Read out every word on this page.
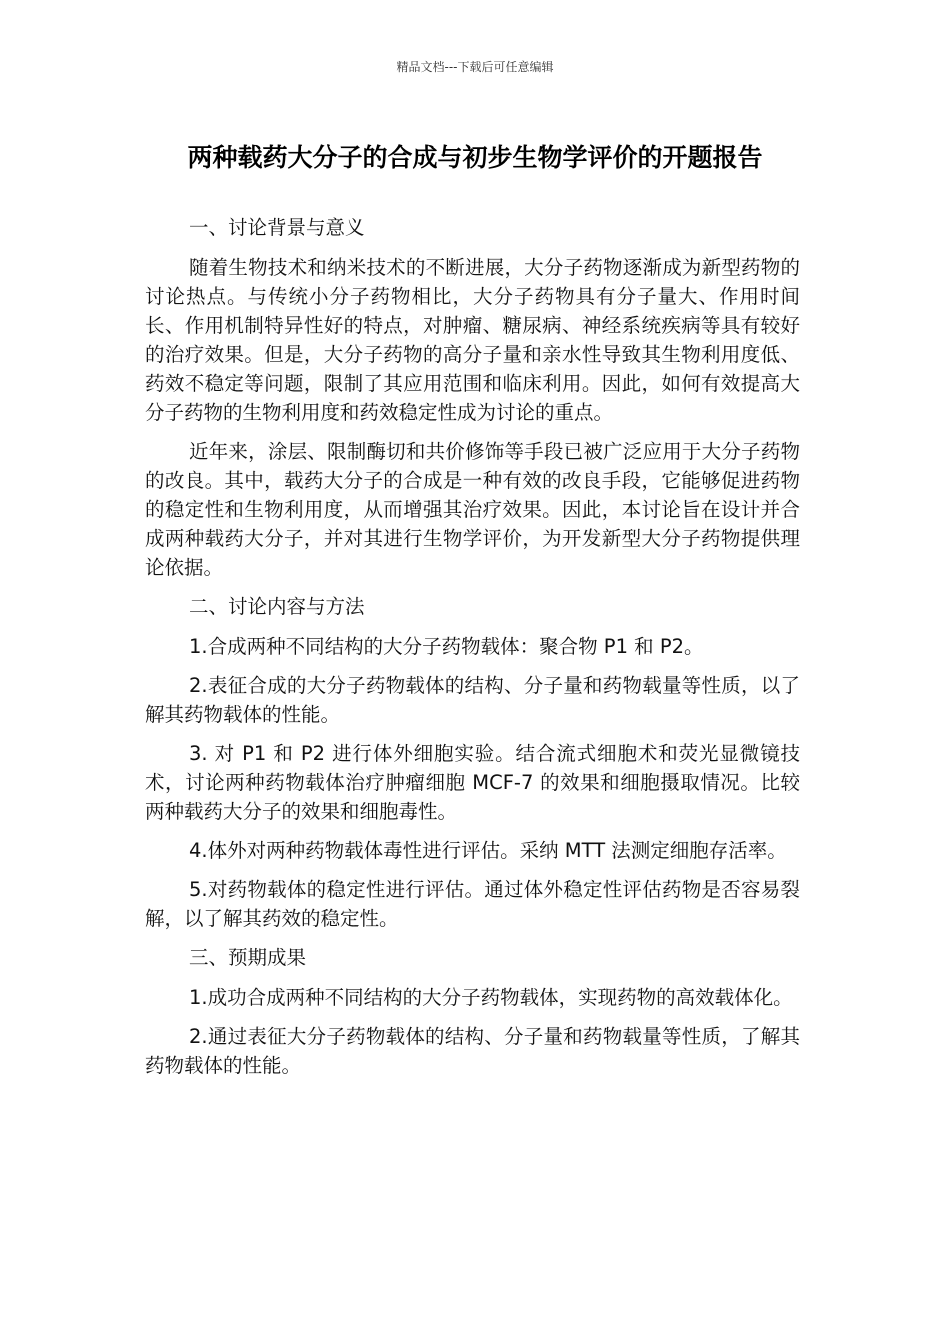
精品文档---下载后可任意编辑
两种载药大分子的合成与初步生物学评价的开题报告

一、讨论背景与意义

随着生物技术和纳米技术的不断进展，大分子药物逐渐成为新型药物的讨论热点。与传统小分子药物相比，大分子药物具有分子量大、作用时间长、作用机制特异性好的特点，对肿瘤、糖尿病、神经系统疾病等具有较好的治疗效果。但是，大分子药物的高分子量和亲水性导致其生物利用度低、药效不稳定等问题，限制了其应用范围和临床利用。因此，如何有效提高大分子药物的生物利用度和药效稳定性成为讨论的重点。

近年来，涂层、限制酶切和共价修饰等手段已被广泛应用于大分子药物的改良。其中，载药大分子的合成是一种有效的改良手段，它能够促进药物的稳定性和生物利用度，从而增强其治疗效果。因此，本讨论旨在设计并合成两种载药大分子，并对其进行生物学评价，为开发新型大分子药物提供理论依据。

二、讨论内容与方法

1.合成两种不同结构的大分子药物载体：聚合物 P1 和 P2。

2.表征合成的大分子药物载体的结构、分子量和药物载量等性质，以了解其药物载体的性能。

3. 对 P1 和 P2 进行体外细胞实验。结合流式细胞术和荧光显微镜技术，讨论两种药物载体治疗肿瘤细胞 MCF-7 的效果和细胞摄取情况。比较两种载药大分子的效果和细胞毒性。

4.体外对两种药物载体毒性进行评估。采纳 MTT 法测定细胞存活率。

5.对药物载体的稳定性进行评估。通过体外稳定性评估药物是否容易裂解，以了解其药效的稳定性。

三、预期成果

1.成功合成两种不同结构的大分子药物载体，实现药物的高效载体化。

2.通过表征大分子药物载体的结构、分子量和药物载量等性质，了解其药物载体的性能。
